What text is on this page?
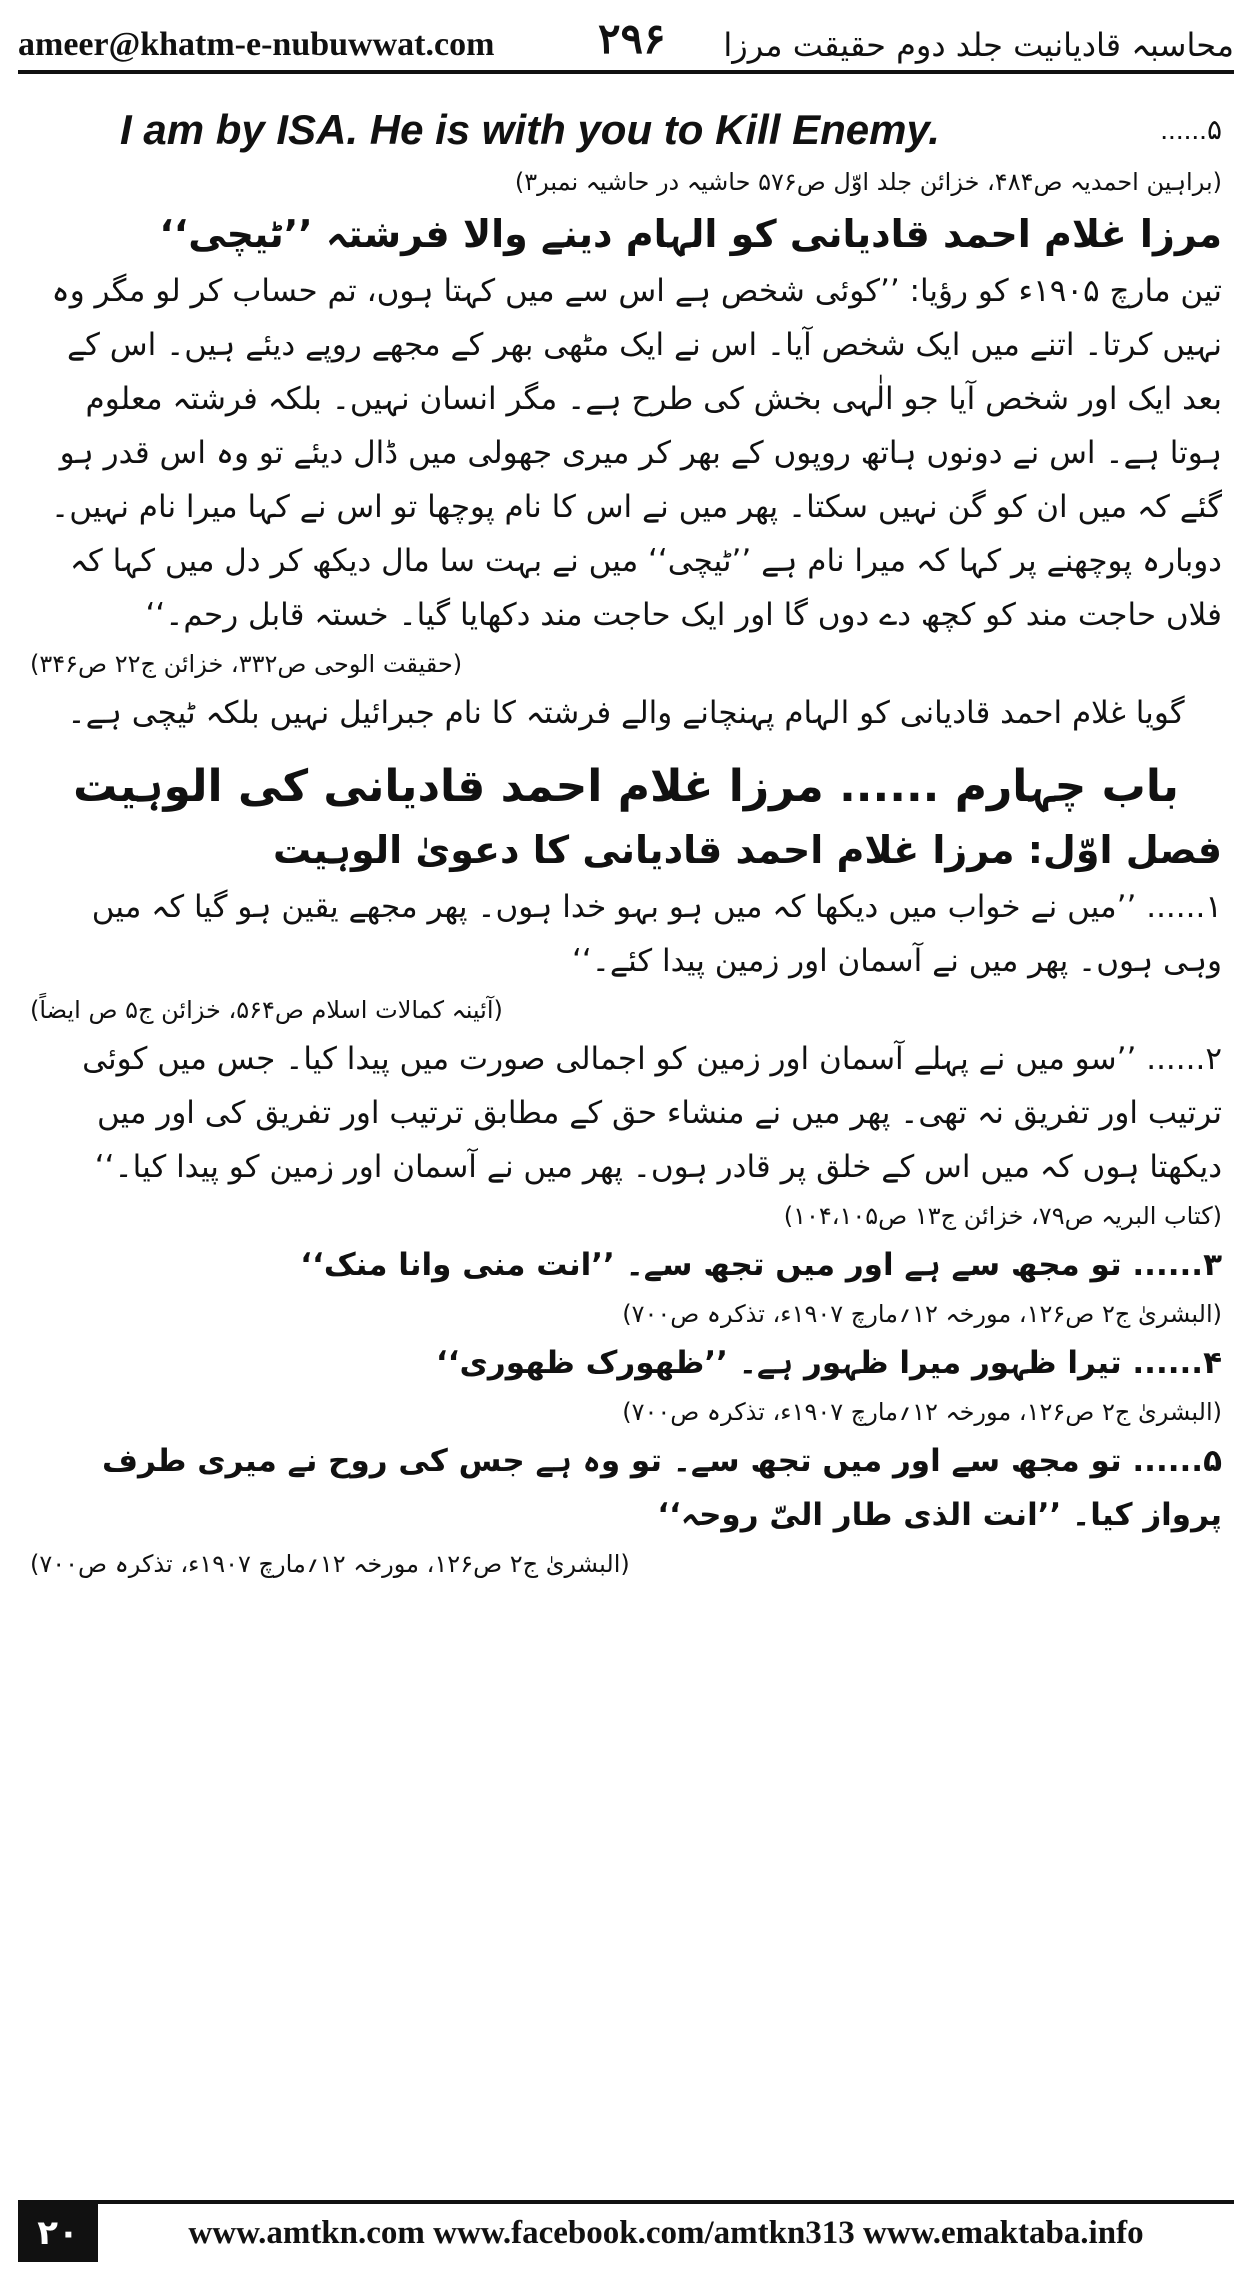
ameer@khatm-e-nubuwwat.com ۲۹۶ محاسبہ قادیانیت جلد دوم حقیقت مرزا
I am by ISA. He is with you to Kill Enemy.	......۵

(براہین احمدیہ ص۴۸۴، خزائن جلد اوّل ص۵۷۶ حاشیہ در حاشیہ نمبر۳)

مرزا غلام احمد قادیانی کو الہام دینے والا فرشتہ ’’ٹیچی‘‘

تین مارچ ۱۹۰۵ء کو رؤیا: ’’کوئی شخص ہے اس سے میں کہتا ہوں، تم حساب کر لو مگر وہ نہیں کرتا۔ اتنے میں ایک شخص آیا۔ اس نے ایک مٹھی بھر کے مجھے روپے دیئے ہیں۔ اس کے بعد ایک اور شخص آیا جو الٰہی بخش کی طرح ہے۔ مگر انسان نہیں۔ بلکہ فرشتہ معلوم ہوتا ہے۔ اس نے دونوں ہاتھ روپوں کے بھر کر میری جھولی میں ڈال دیئے تو وہ اس قدر ہو گئے کہ میں ان کو گن نہیں سکتا۔ پھر میں نے اس کا نام پوچھا تو اس نے کہا میرا نام نہیں۔ دوبارہ پوچھنے پر کہا کہ میرا نام ہے ’’ٹیچی‘‘ میں نے بہت سا مال دیکھ کر دل میں کہا کہ فلاں حاجت مند کو کچھ دے دوں گا اور ایک حاجت مند دکھایا گیا۔ خستہ قابل رحم۔‘‘

(حقیقت الوحی ص۳۳۲، خزائن ج۲۲ ص۳۴۶)

گویا غلام احمد قادیانی کو الہام پہنچانے والے فرشتہ کا نام جبرائیل نہیں بلکہ ٹیچی ہے۔

باب چہارم ...... مرزا غلام احمد قادیانی کی الوہیت

فصل اوّل: مرزا غلام احمد قادیانی کا دعویٰ الوہیت

۱...... ’’میں نے خواب میں دیکھا کہ میں ہو بہو خدا ہوں۔ پھر مجھے یقین ہو گیا کہ میں وہی ہوں۔ پھر میں نے آسمان اور زمین پیدا کئے۔‘‘

(آئینہ کمالات اسلام ص۵۶۴، خزائن ج۵ ص ایضاً)

۲...... ’’سو میں نے پہلے آسمان اور زمین کو اجمالی صورت میں پیدا کیا۔ جس میں کوئی ترتیب اور تفریق نہ تھی۔ پھر میں نے منشاء حق کے مطابق ترتیب اور تفریق کی اور میں دیکھتا ہوں کہ میں اس کے خلق پر قادر ہوں۔ پھر میں نے آسمان اور زمین کو پیدا کیا۔‘‘

(کتاب البریہ ص۷۹، خزائن ج۱۳ ص۱۰۴،۱۰۵)

۳...... تو مجھ سے ہے اور میں تجھ سے۔ ’’انت منی وانا منک‘‘

(البشریٰ ج۲ ص۱۲۶، مورخہ ۱۲؍مارچ ۱۹۰۷ء، تذکرہ ص۷۰۰)

۴...... تیرا ظہور میرا ظہور ہے۔ ’’ظھورک ظھوری‘‘

(البشریٰ ج۲ ص۱۲۶، مورخہ ۱۲؍مارچ ۱۹۰۷ء، تذکرہ ص۷۰۰)

۵...... تو مجھ سے اور میں تجھ سے۔ تو وہ ہے جس کی روح نے میری طرف پرواز کیا۔ ’’انت الذی طار الیّ روحہ‘‘

(البشریٰ ج۲ ص۱۲۶، مورخہ ۱۲؍مارچ ۱۹۰۷ء، تذکرہ ص۷۰۰)

۲۰	www.amtkn.com www.facebook.com/amtkn313 www.emaktaba.info
